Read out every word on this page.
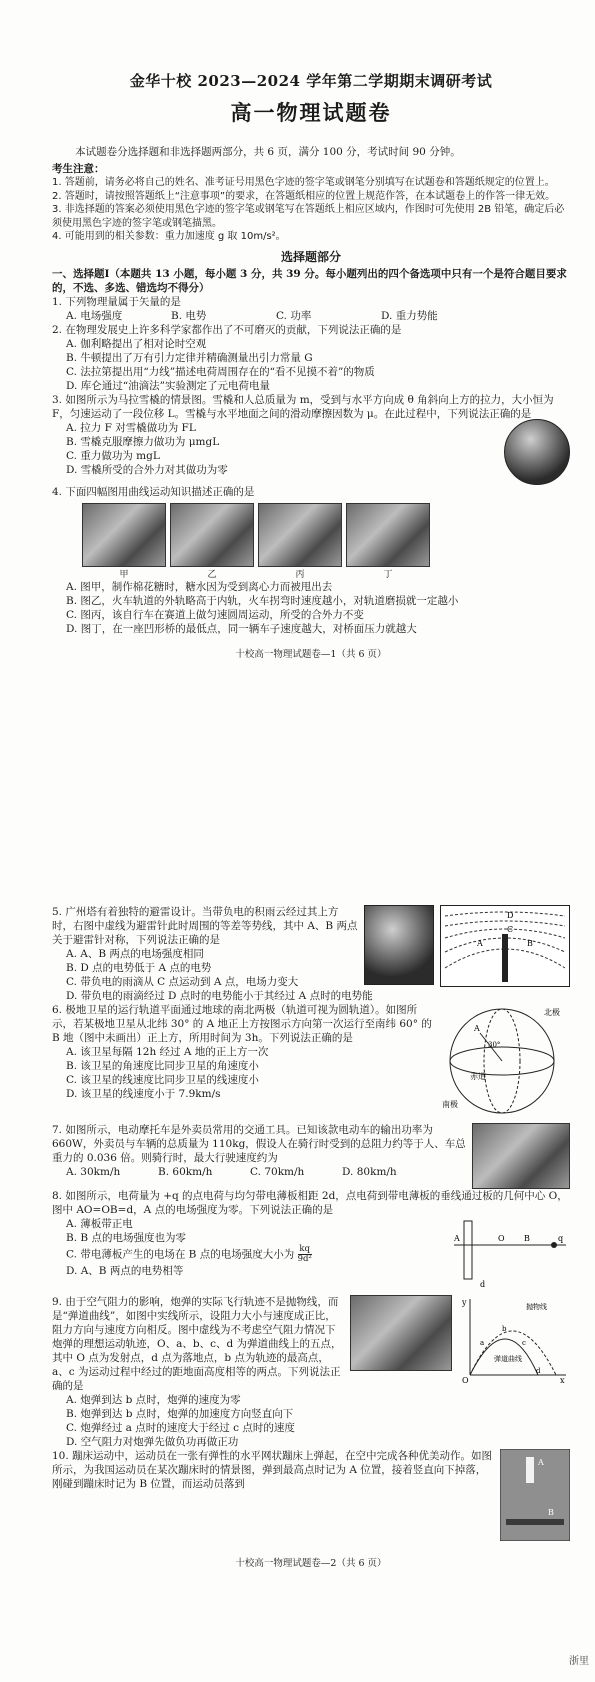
金华十校 2023—2024 学年第二学期期末调研考试
高一物理试题卷
本试题卷分选择题和非选择题两部分，共 6 页，满分 100 分，考试时间 90 分钟。
考生注意：
1. 答题前，请务必将自己的姓名、准考证号用黑色字迹的签字笔或钢笔分别填写在试题卷和答题纸规定的位置上。
2. 答题时，请按照答题纸上“注意事项”的要求，在答题纸相应的位置上规范作答，在本试题卷上的作答一律无效。
3. 非选择题的答案必须使用黑色字迹的签字笔或钢笔写在答题纸上相应区域内，作图时可先使用 2B 铅笔，确定后必须使用黑色字迹的签字笔或钢笔描黑。
4. 可能用到的相关参数：重力加速度 g 取 10m/s²。
选择题部分
一、选择题Ⅰ（本题共 13 小题，每小题 3 分，共 39 分。每小题列出的四个备选项中只有一个是符合题目要求的，不选、多选、错选均不得分）
1. 下列物理量属于矢量的是
A. 电场强度	B. 电势	C. 功率	D. 重力势能
2. 在物理发展史上许多科学家都作出了不可磨灭的贡献，下列说法正确的是
A. 伽利略提出了相对论时空观
B. 牛顿提出了万有引力定律并精确测量出引力常量 G
C. 法拉第提出用“力线”描述电荷周围存在的“看不见摸不着”的物质
D. 库仑通过“油滴法”实验测定了元电荷电量
3. 如图所示为马拉雪橇的情景图。雪橇和人总质量为 m，受到与水平方向成 θ 角斜向上方的拉力，大小恒为 F，匀速运动了一段位移 L。雪橇与水平地面之间的滑动摩擦因数为 μ。在此过程中，下列说法正确的是
A. 拉力 F 对雪橇做功为 FL
B. 雪橇克服摩擦力做功为 μmgL
C. 重力做功为 mgL
D. 雪橇所受的合外力对其做功为零
4. 下面四幅图用曲线运动知识描述正确的是
甲	乙	丙	丁
A. 图甲，制作棉花糖时，糖水因为受到离心力而被甩出去
B. 图乙，火车轨道的外轨略高于内轨，火车拐弯时速度越小，对轨道磨损就一定越小
C. 图丙，该自行车在赛道上做匀速圆周运动，所受的合外力不变
D. 图丁，在一座凹形桥的最低点，同一辆车子速度越大，对桥面压力就越大
十校高一物理试题卷—1（共 6 页）
D
C
A	B
5. 广州塔有着独特的避雷设计。当带负电的积雨云经过其上方时，右图中虚线为避雷针此时周围的等差等势线，其中 A、B 两点关于避雷针对称，下列说法正确的是
A. A、B 两点的电场强度相同
B. D 点的电势低于 A 点的电势
C. 带负电的雨滴从 C 点运动到 A 点，电场力变大
D. 带负电的雨滴经过 D 点时的电势能小于其经过 A 点时的电势能
北极
赤道
南极
30°
A
6. 极地卫星的运行轨道平面通过地球的南北两极（轨道可视为圆轨道）。如图所示，若某极地卫星从北纬 30° 的 A 地正上方按图示方向第一次运行至南纬 60° 的 B 地（图中未画出）正上方，所用时间为 3h。下列说法正确的是
A. 该卫星每隔 12h 经过 A 地的正上方一次
B. 该卫星的角速度比同步卫星的角速度小
C. 该卫星的线速度比同步卫星的线速度小
D. 该卫星的线速度小于 7.9km/s
7. 如图所示，电动摩托车是外卖员常用的交通工具。已知该款电动车的输出功率为 660W，外卖员与车辆的总质量为 110kg，假设人在骑行时受到的总阻力约等于人、车总重力的 0.036 倍。则骑行时，最大行驶速度约为
A. 30km/h	B. 60km/h	C. 70km/h	D. 80km/h
8. 如图所示，电荷量为 +q 的点电荷与均匀带电薄板相距 2d，点电荷到带电薄板的垂线通过板的几何中心 O，图中 AO=OB=d，A 点的电场强度为零。下列说法正确的是
A	O B	q
d
A. 薄板带正电
B. B 点的电场强度也为零
C. 带电薄板产生的电场在 B 点的电场强度大小为 $\frac{kq}{\text{9d²}}$
D. A、B 两点的电势相等
y	抛物线
弹道曲线
O	x
a
b
c
d
9. 由于空气阻力的影响，炮弹的实际飞行轨迹不是抛物线，而是“弹道曲线”，如图中实线所示，设阻力大小与速度成正比，阻力方向与速度方向相反。图中虚线为不考虑空气阻力情况下炮弹的理想运动轨迹，O、a、b、c、d 为弹道曲线上的五点，其中 O 点为发射点，d 点为落地点，b 点为轨迹的最高点，a、c 为运动过程中经过的距地面高度相等的两点。下列说法正确的是
A. 炮弹到达 b 点时，炮弹的速度为零
B. 炮弹到达 b 点时，炮弹的加速度方向竖直向下
C. 炮弹经过 a 点时的速度大于经过 c 点时的速度
D. 空气阻力对炮弹先做负功再做正功
A
B
10. 蹦床运动中，运动员在一张有弹性的水平网状蹦床上弹起，在空中完成各种优美动作。如图所示，为我国运动员在某次蹦床时的情景图，弹到最高点时记为 A 位置，接着竖直向下掉落，刚碰到蹦床时记为 B 位置，而运动员落到
十校高一物理试题卷—2（共 6 页）
浙里
